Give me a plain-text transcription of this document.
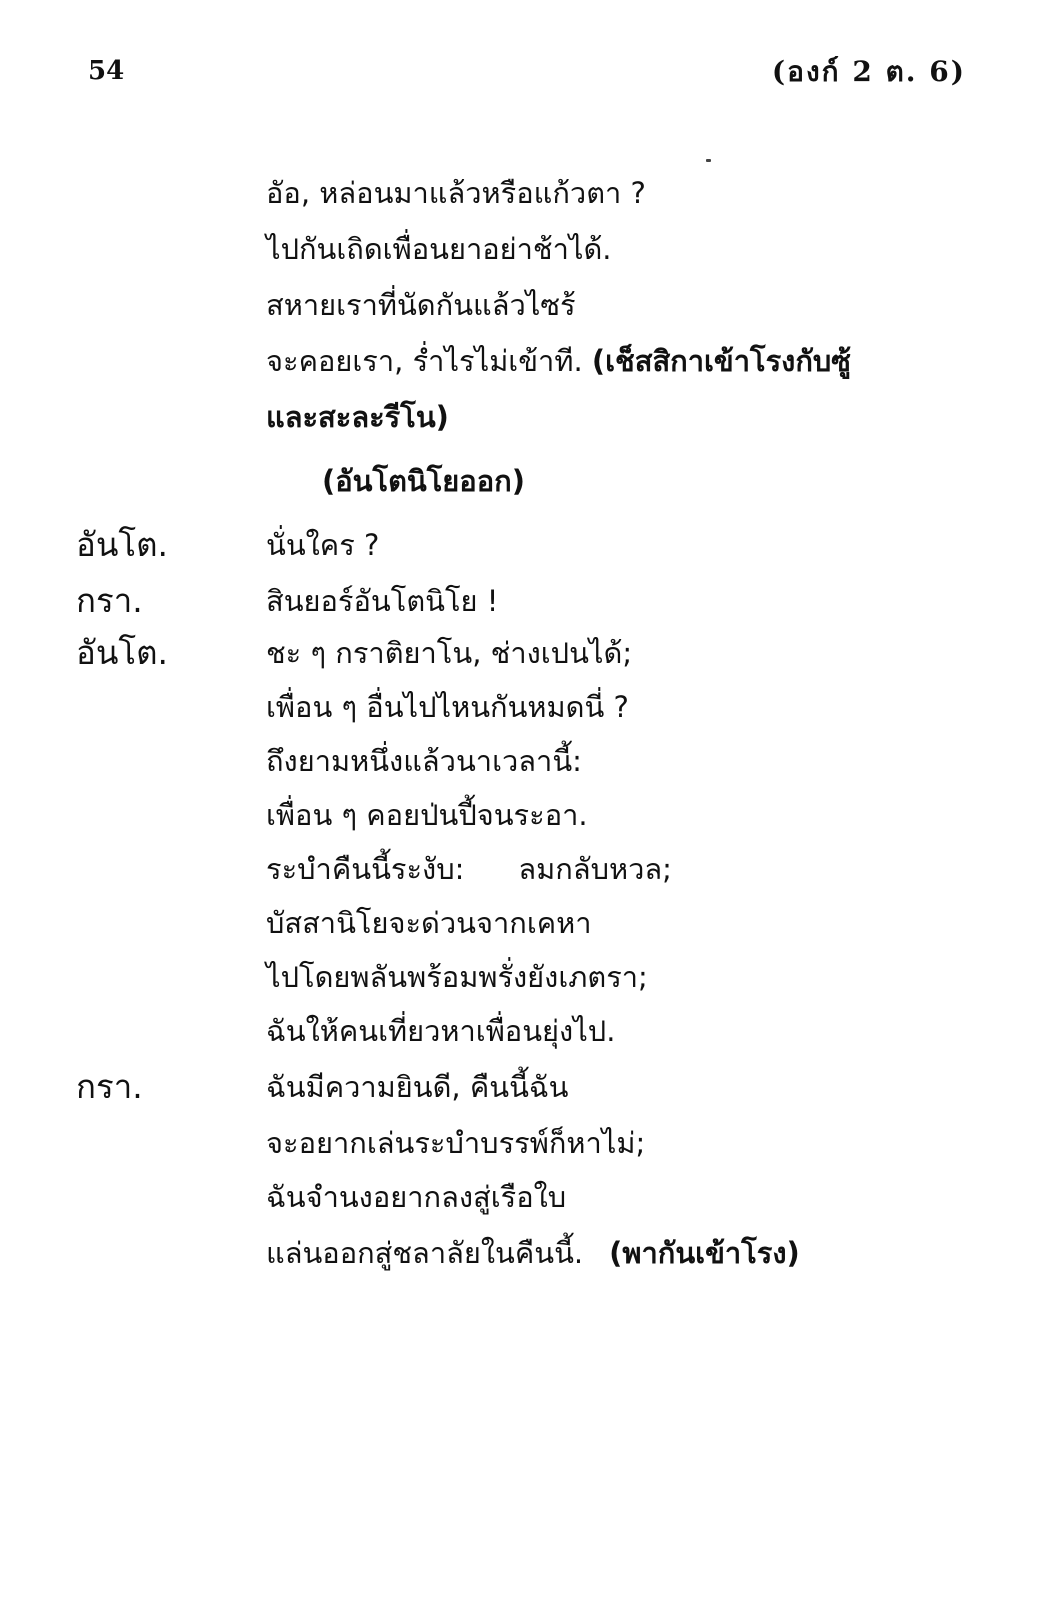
54	(องก์ 2 ต. 6)
อัอ, หล่อนมาแล้วหรือแก้วตา ?
ไปกันเถิดเพื่อนยาอย่าช้าได้.
สหายเราที่นัดกันแล้วไซร้
จะคอยเรา, ร่ำไรไม่เข้าที. (เช็สสิกาเข้าโรงกับซู้
และสะละรีโน)
(อันโตนิโยออก)
อันโต.	นั่นใคร ?
กรา.	สินยอร์อันโตนิโย !
อันโต.	ชะ ๆ กราติยาโน, ช่างเปนได้;
เพื่อน ๆ อื่นไปไหนกันหมดนี่ ?
ถึงยามหนึ่งแล้วนาเวลานี้:
เพื่อน ๆ คอยป่นปี้จนระอา.
ระบำคืนนี้ระงับ: ลมกลับหวล;
บัสสานิโยจะด่วนจากเคหา
ไปโดยพลันพร้อมพรั่งยังเภตรา;
ฉันให้คนเที่ยวหาเพื่อนยุ่งไป.
กรา.	ฉันมีความยินดี, คืนนี้ฉัน
จะอยากเล่นระบำบรรพ์ก็หาไม่;
ฉันจำนงอยากลงสู่เรือใบ
แล่นออกสู่ชลาลัยในคืนนี้. (พากันเข้าโรง)
